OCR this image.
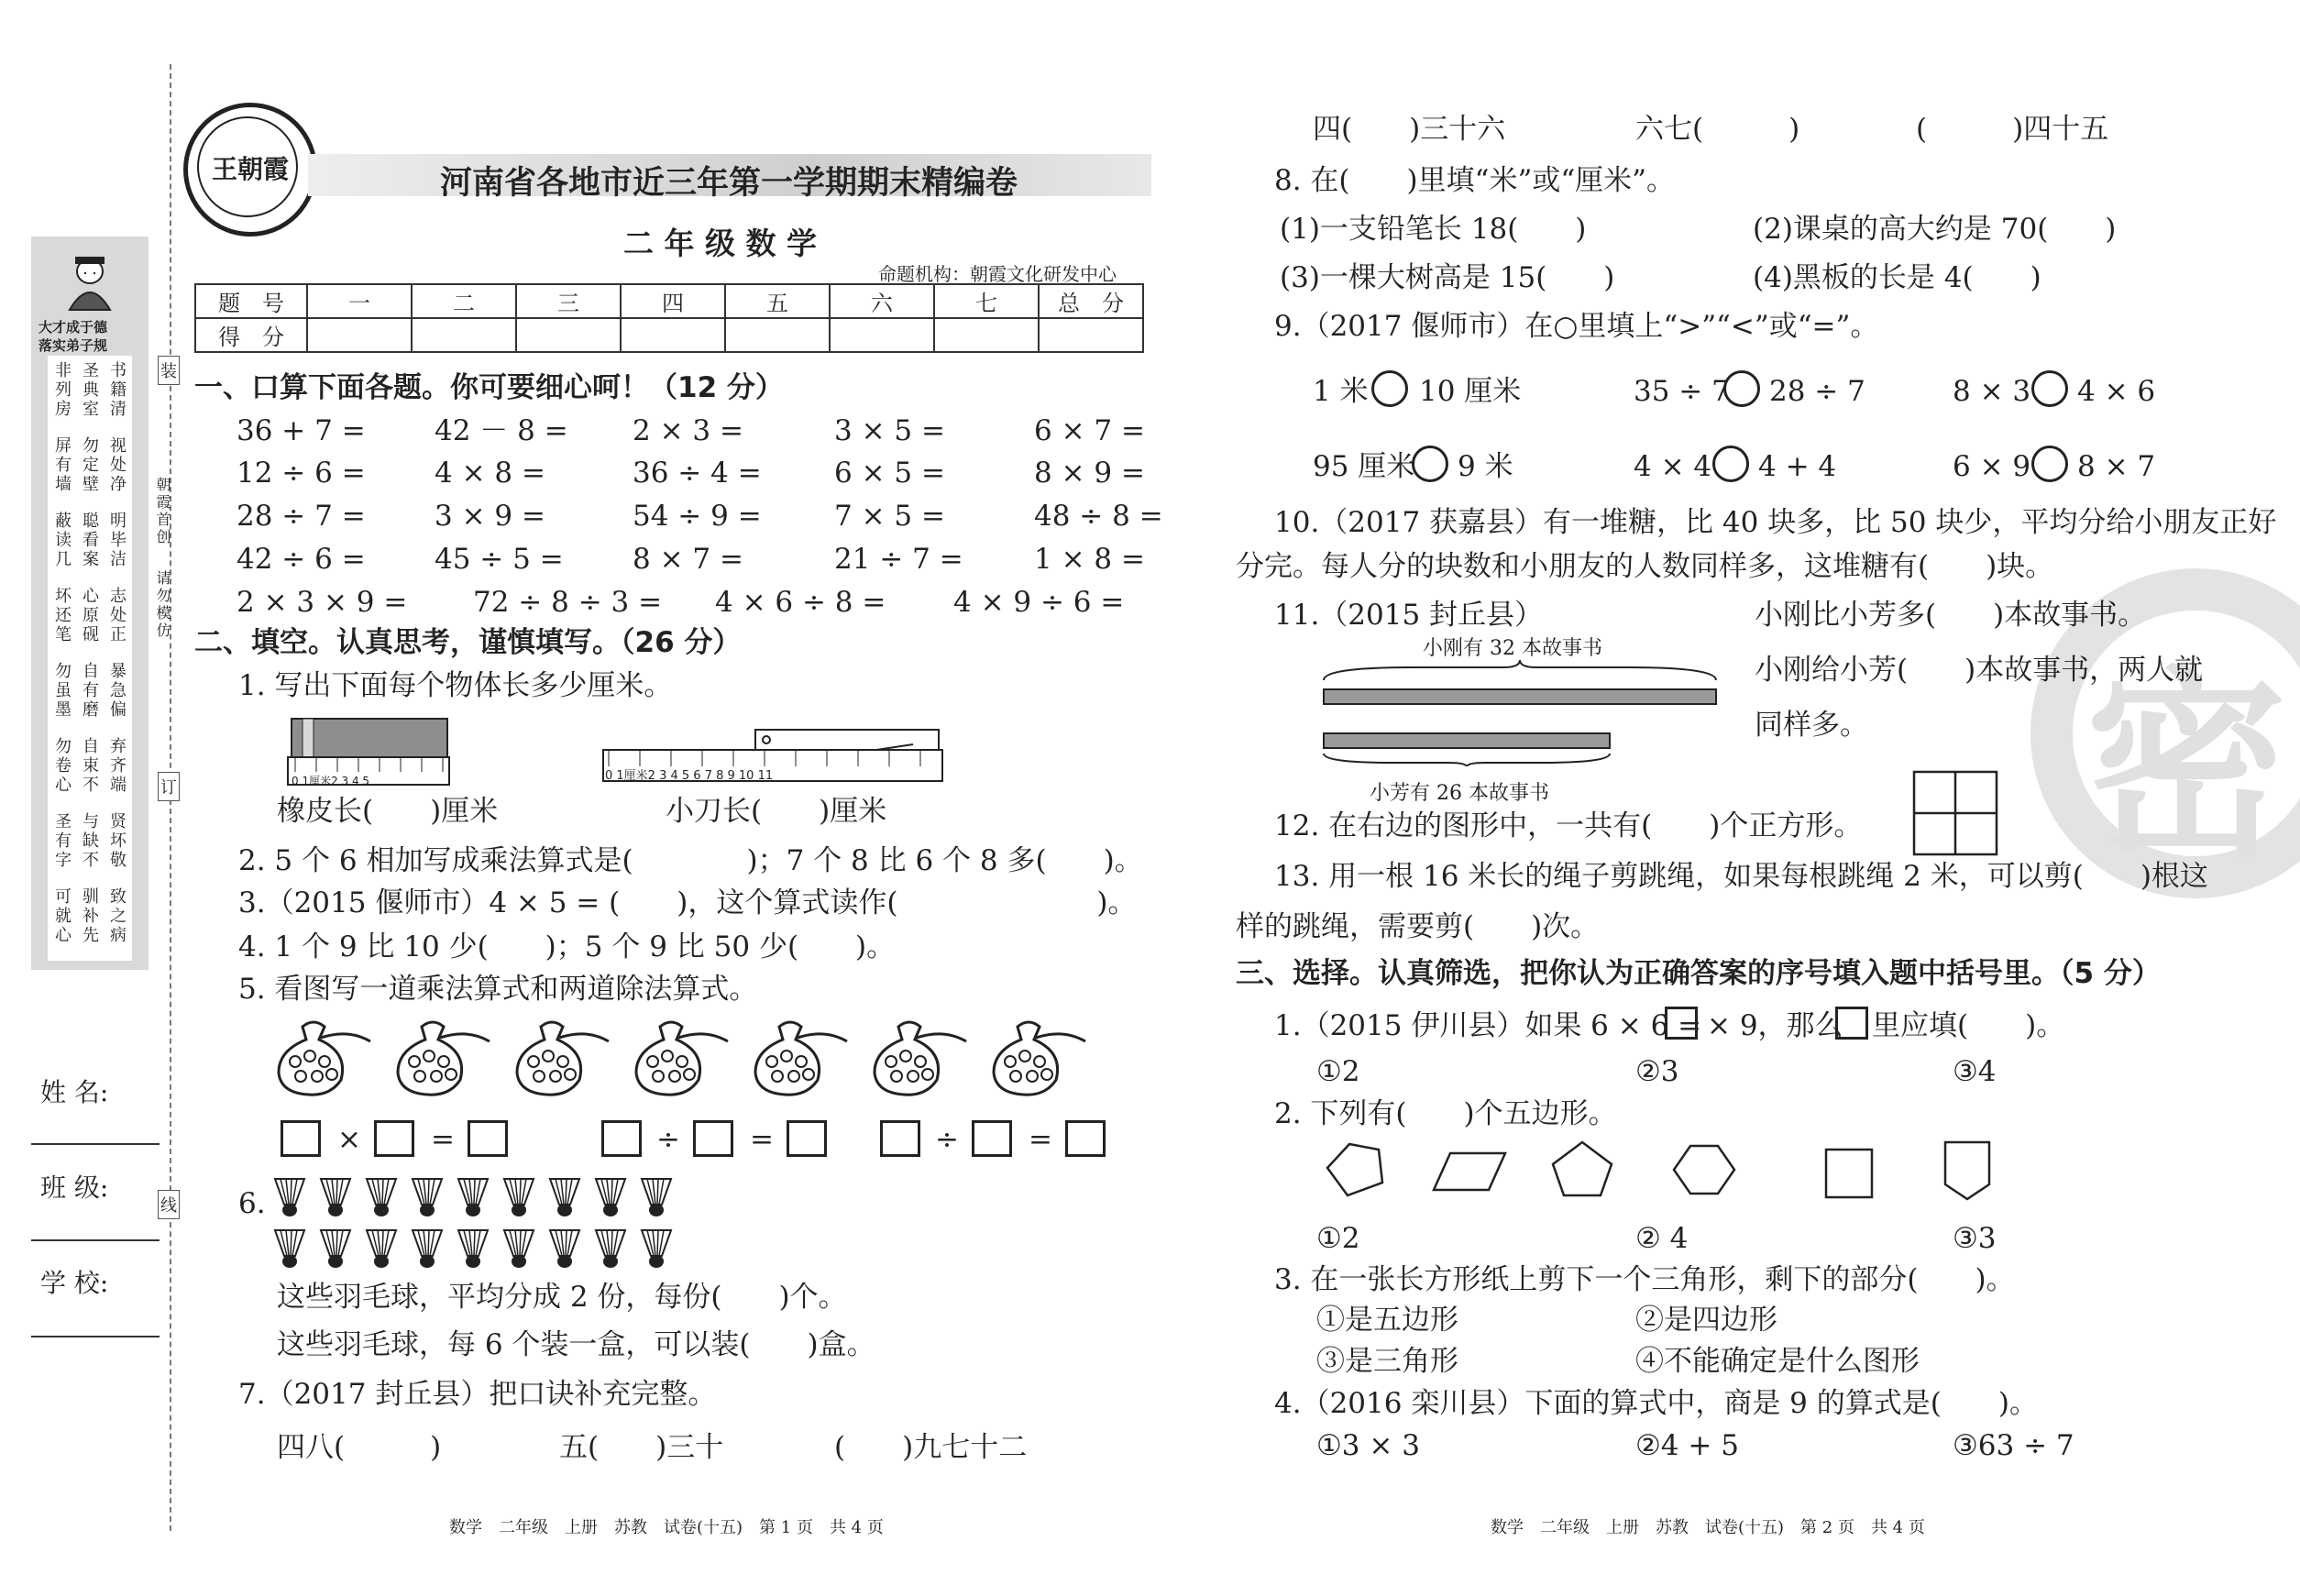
装
订
线
朝霞首创
请勿模仿
大才成于德
落实弟子规
非列房 圣典室 书籍清
屏有墙 勿定壁 视处净
蔽读几 聪看案 明毕洁
坏还笔 心原砚 志处正
勿虽墨 自有磨 暴急偏
勿卷心 自束不 弃齐端
圣有字 与缺不 贤坏敬
可就心 驯补先 致之病
姓 名:
班 级:
学 校:
王朝霞	河南省各地市近三年第一学期期末精编卷
二 年 级 数 学
命题机构：朝霞文化研发中心
题　号	一	二	三	四	五	六	七	总　分
得　分								
一、口算下面各题。你可要细心呵！（12 分）
36 + 7 = 42 － 8 = 2 × 3 =	3 × 5 =	6 × 7 =
12 ÷ 6 = 4 × 8 =	36 ÷ 4 =	6 × 5 =	8 × 9 =
28 ÷ 7 = 3 × 9 =	54 ÷ 9 =	7 × 5 =	48 ÷ 8 =
42 ÷ 6 = 45 ÷ 5 = 8 × 7 =	21 ÷ 7 = 1 × 8 =
2 × 3 × 9 = 72 ÷ 8 ÷ 3 = 4 × 6 ÷ 8 = 4 × 9 ÷ 6 =
二、填空。认真思考，谨慎填写。（26 分）
1. 写出下面每个物体长多少厘米。
0 1厘米2 3 4 5
橡皮长(　　)厘米
0 1厘米2 3 4 5 6 7 8 9 10 11
小刀长(　　)厘米
2. 5 个 6 相加写成乘法算式是(　　　　)；7 个 8 比 6 个 8 多(　　)。
3.（2015 偃师市）4 × 5 = (　　)，这个算式读作(　　　　　　　)。
4. 1 个 9 比 10 少(　　)；5 个 9 比 50 少(　　)。
5. 看图写一道乘法算式和两道除法算式。
× =	÷ =	÷ =
6.
这些羽毛球，平均分成 2 份，每份(　　)个。
这些羽毛球，每 6 个装一盒，可以装(　　)盒。
7.（2017 封丘县）把口诀补充完整。
四八(　　　)	五(　　)三十	(　　)九七十二
数学　二年级　上册　苏教　试卷(十五)　第 1 页　共 4 页
密
四(　　)三十六	六七(　　　)	(　　　)四十五
8. 在(　　)里填“米”或“厘米”。
(1)一支铅笔长 18(　　)	(2)课桌的高大约是 70(　　)
(3)一棵大树高是 15(　　)	(4)黑板的长是 4(　　)
9.（2017 偃师市）在○里填上“>”“<”或“=”。
1 米 10 厘米	35 ÷ 7 28 ÷ 7	8 × 3 4 × 6
95 厘米 9 米	4 × 4 4 + 4	6 × 9 8 × 7
10.（2017 获嘉县）有一堆糖，比 40 块多，比 50 块少，平均分给小朋友正好
分完。每人分的块数和小朋友的人数同样多，这堆糖有(　　)块。
11.（2015 封丘县）
小刚有 32 本故事书
小芳有 26 本故事书
小刚比小芳多(　　)本故事书。
小刚给小芳(　　)本故事书，两人就
同样多。
12. 在右边的图形中，一共有(　　)个正方形。
13. 用一根 16 米长的绳子剪跳绳，如果每根跳绳 2 米，可以剪(　　)根这
样的跳绳，需要剪(　　)次。
三、选择。认真筛选，把你认为正确答案的序号填入题中括号里。（5 分）
1.（2015 伊川县）如果 6 × 6 = × 9，那么 里应填(　　)。
①2	②3	③4
2. 下列有(　　)个五边形。
①2	② 4	③3
3. 在一张长方形纸上剪下一个三角形，剩下的部分(　　)。
①是五边形	②是四边形
③是三角形	④不能确定是什么图形
4.（2016 栾川县）下面的算式中，商是 9 的算式是(　　)。
①3 × 3	②4 + 5	③63 ÷ 7
数学　二年级　上册　苏教　试卷(十五)　第 2 页　共 4 页
